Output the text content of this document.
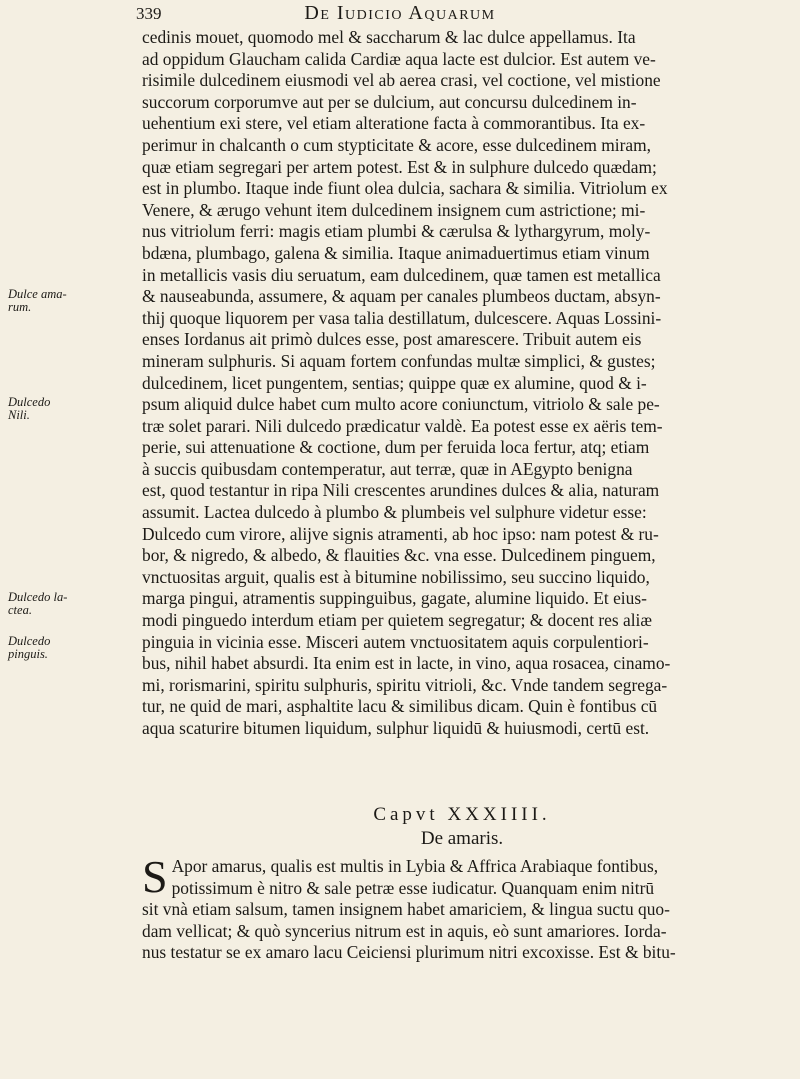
339	De Iudicio Aquarum
cedinis mouet, quomodo mel & saccharum & lac dulce appellamus. Ita
ad oppidum Glaucham calida Cardiæ aqua lacte est dulcior. Est autem ve-
risimile dulcedinem eiusmodi vel ab aerea crasi, vel coctione, vel mistione
succorum corporumve aut per se dulcium, aut concursu dulcedinem in-
uehentium exi stere, vel etiam alteratione facta à commorantibus. Ita ex-
perimur in chalcanth o cum stypticitate & acore, esse dulcedinem miram,
quæ etiam segregari per artem potest. Est & in sulphure dulcedo quædam;
est in plumbo. Itaque inde fiunt olea dulcia, sachara & similia. Vitriolum ex
Venere, & ærugo vehunt item dulcedinem insignem cum astrictione; mi-
nus vitriolum ferri: magis etiam plumbi & cærulsa & lythargyrum, moly-
bdæna, plumbago, galena & similia. Itaque animaduertimus etiam vinum
in metallicis vasis diu seruatum, eam dulcedinem, quæ tamen est metallica
& nauseabunda, assumere, & aquam per canales plumbeos ductam, absyn-
thij quoque liquorem per vasa talia destillatum, dulcescere. Aquas Lossini-
enses Iordanus ait primò dulces esse, post amarescere. Tribuit autem eis
mineram sulphuris. Si aquam fortem confundas multæ simplici, & gustes;
dulcedinem, licet pungentem, sentias; quippe quæ ex alumine, quod & i-
psum aliquid dulce habet cum multo acore coniunctum, vitriolo & sale pe-
træ solet parari. Nili dulcedo prædicatur valdè. Ea potest esse ex aëris tem-
perie, sui attenuatione & coctione, dum per feruida loca fertur, atq; etiam
à succis quibusdam contemperatur, aut terræ, quæ in AEgypto benigna
est, quod testantur in ripa Nili crescentes arundines dulces & alia, naturam
assumit. Lactea dulcedo à plumbo & plumbeis vel sulphure videtur esse:
Dulcedo cum virore, alijve signis atramenti, ab hoc ipso: nam potest & ru-
bor, & nigredo, & albedo, & flauities &c. vna esse. Dulcedinem pinguem,
vnctuositas arguit, qualis est à bitumine nobilissimo, seu succino liquido,
marga pingui, atramentis suppinguibus, gagate, alumine liquido. Et eius-
modi pinguedo interdum etiam per quietem segregatur; & docent res aliæ
pinguia in vicinia esse. Misceri autem vnctuositatem aquis corpulentiori-
bus, nihil habet absurdi. Ita enim est in lacte, in vino, aqua rosacea, cinamo-
mi, rorismarini, spiritu sulphuris, spiritu vitrioli, &c. Vnde tandem segrega-
tur, ne quid de mari, asphaltite lacu & similibus dicam. Quin è fontibus cū
aqua scaturire bitumen liquidum, sulphur liquidū & huiusmodi, certū est.
Dulce ama-
rum.
Dulcedo
Nili.
Dulcedo la-
ctea.
Dulcedo
pinguis.
Capvt XXXIIII.
De amaris.
S Apor amarus, qualis est multis in Lybia & Affrica Arabiaque fontibus,
potissimum è nitro & sale petræ esse iudicatur. Quanquam enim nitrū
sit vnà etiam salsum, tamen insignem habet amariciem, & lingua suctu quo-
dam vellicat; & quò syncerius nitrum est in aquis, eò sunt amariores. Iorda-
nus testatur se ex amaro lacu Ceiciensi plurimum nitri excoxisse. Est & bitu-
